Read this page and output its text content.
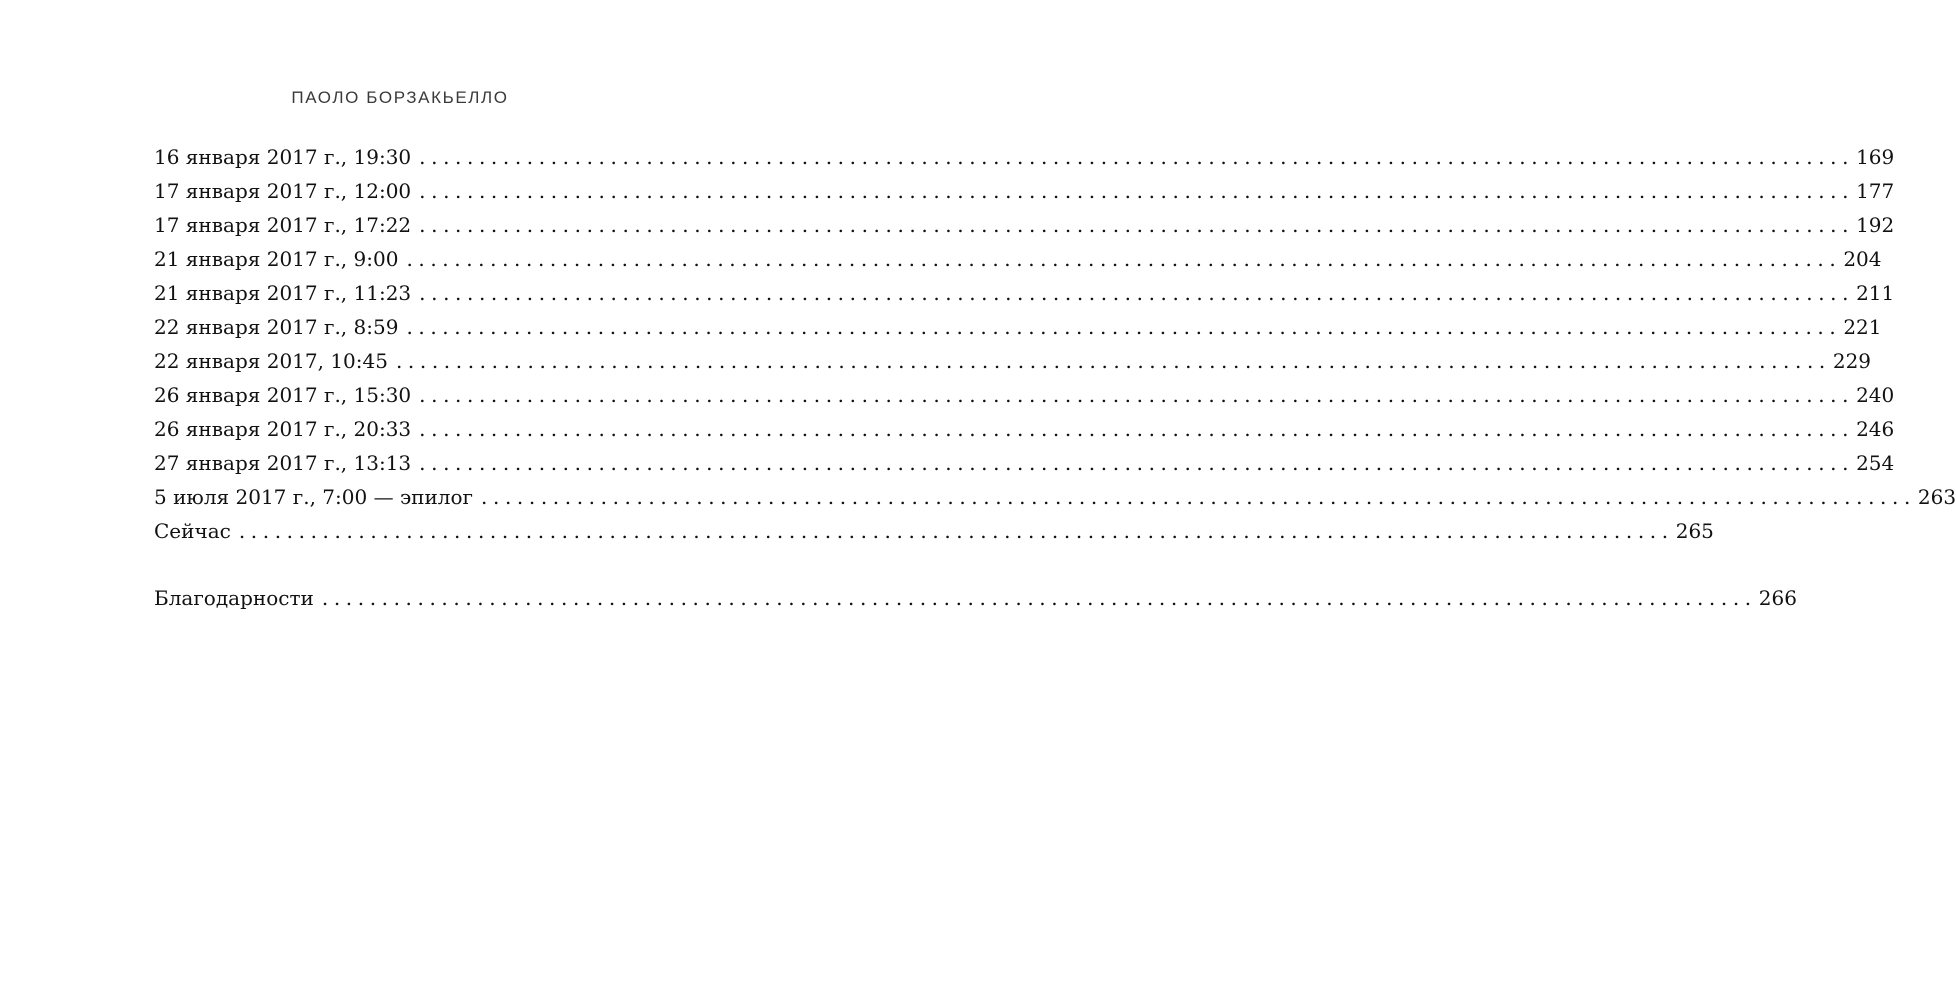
ПАОЛО БОРЗАКЬЕЛЛО
16 января 2017 г., 19:30 ........................................................................................................................ 169
17 января 2017 г., 12:00 ........................................................................................................................ 177
17 января 2017 г., 17:22 ........................................................................................................................ 192
21 января 2017 г., 9:00 ........................................................................................................................ 204
21 января 2017 г., 11:23 ........................................................................................................................ 211
22 января 2017 г., 8:59 ........................................................................................................................ 221
22 января 2017, 10:45 ........................................................................................................................ 229
26 января 2017 г., 15:30 ........................................................................................................................ 240
26 января 2017 г., 20:33 ........................................................................................................................ 246
27 января 2017 г., 13:13 ........................................................................................................................ 254
5 июля 2017 г., 7:00 — эпилог ........................................................................................................................ 263
Сейчас ........................................................................................................................ 265
Благодарности ........................................................................................................................ 266
